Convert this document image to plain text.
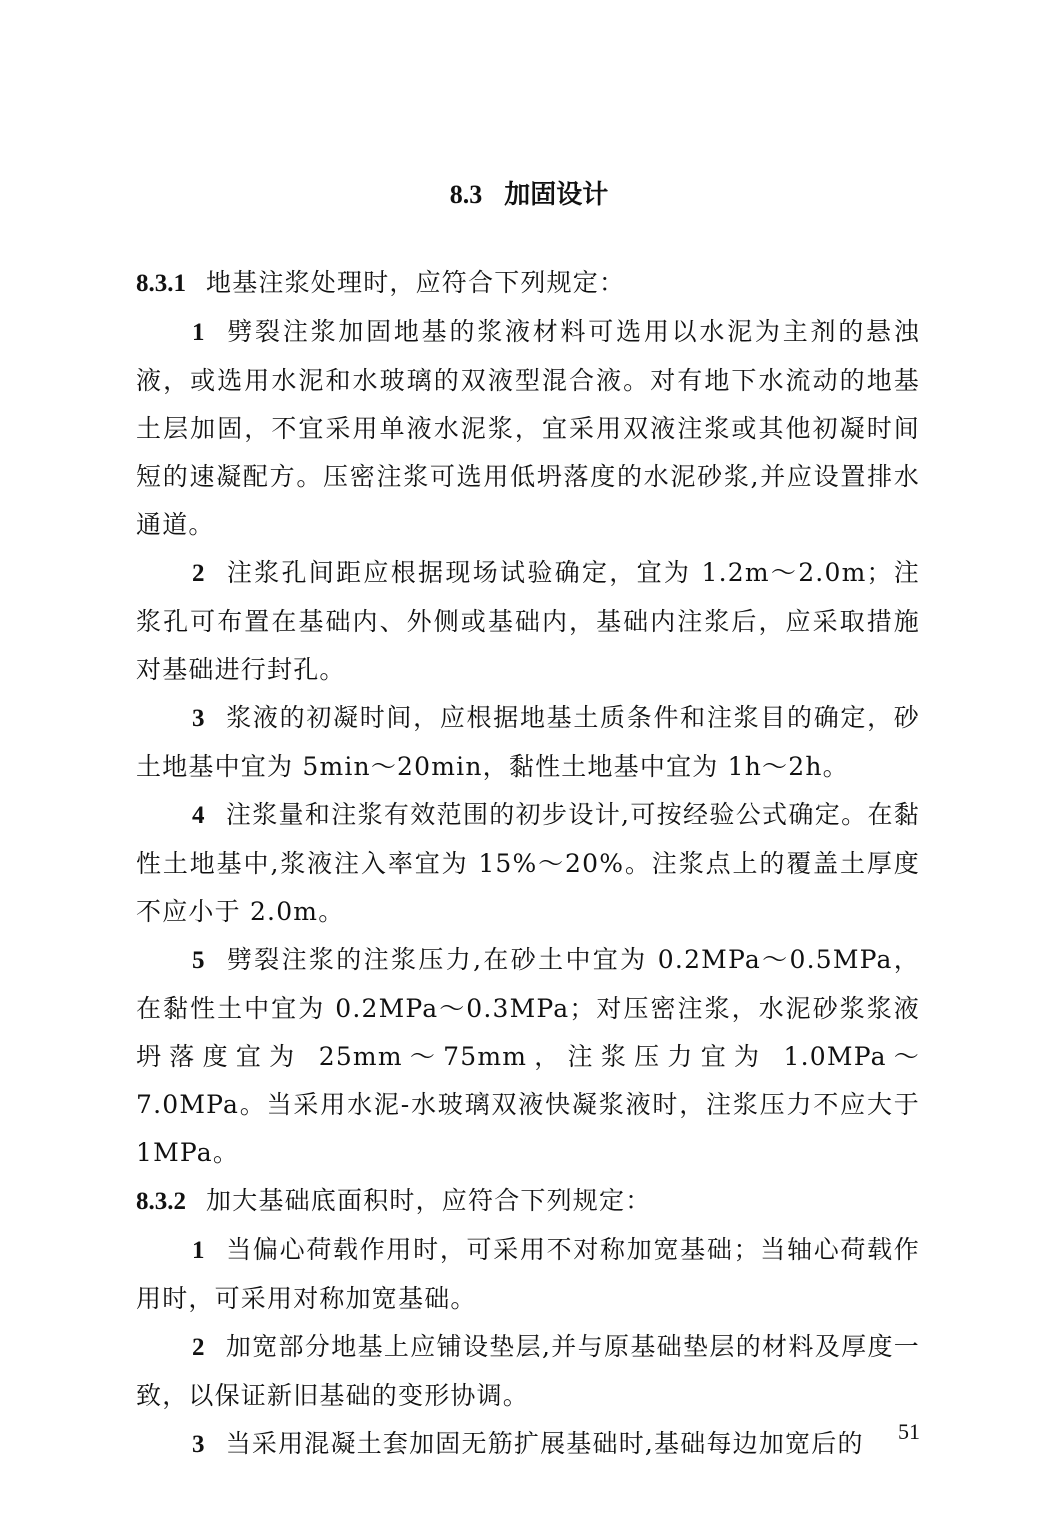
8.3 加固设计

8.3.1 地基注浆处理时，应符合下列规定：

1 劈裂注浆加固地基的浆液材料可选用以水泥为主剂的悬浊液，或选用水泥和水玻璃的双液型混合液。对有地下水流动的地基土层加固，不宜采用单液水泥浆，宜采用双液注浆或其他初凝时间短的速凝配方。压密注浆可选用低坍落度的水泥砂浆,并应设置排水通道。

2 注浆孔间距应根据现场试验确定，宜为 1.2m～2.0m；注浆孔可布置在基础内、外侧或基础内，基础内注浆后，应采取措施对基础进行封孔。

3 浆液的初凝时间，应根据地基土质条件和注浆目的确定，砂土地基中宜为 5min～20min，黏性土地基中宜为 1h～2h。

4 注浆量和注浆有效范围的初步设计,可按经验公式确定。在黏性土地基中,浆液注入率宜为 15%～20%。注浆点上的覆盖土厚度不应小于 2.0m。

5 劈裂注浆的注浆压力,在砂土中宜为 0.2MPa～0.5MPa，在黏性土中宜为 0.2MPa～0.3MPa；对压密注浆，水泥砂浆浆液坍落度宜为 25mm～75mm，注浆压力宜为 1.0MPa～7.0MPa。当采用水泥-水玻璃双液快凝浆液时，注浆压力不应大于 1MPa。

8.3.2 加大基础底面积时，应符合下列规定：

1 当偏心荷载作用时，可采用不对称加宽基础；当轴心荷载作用时，可采用对称加宽基础。

2 加宽部分地基上应铺设垫层,并与原基础垫层的材料及厚度一致，以保证新旧基础的变形协调。

3 当采用混凝土套加固无筋扩展基础时,基础每边加宽后的	51
